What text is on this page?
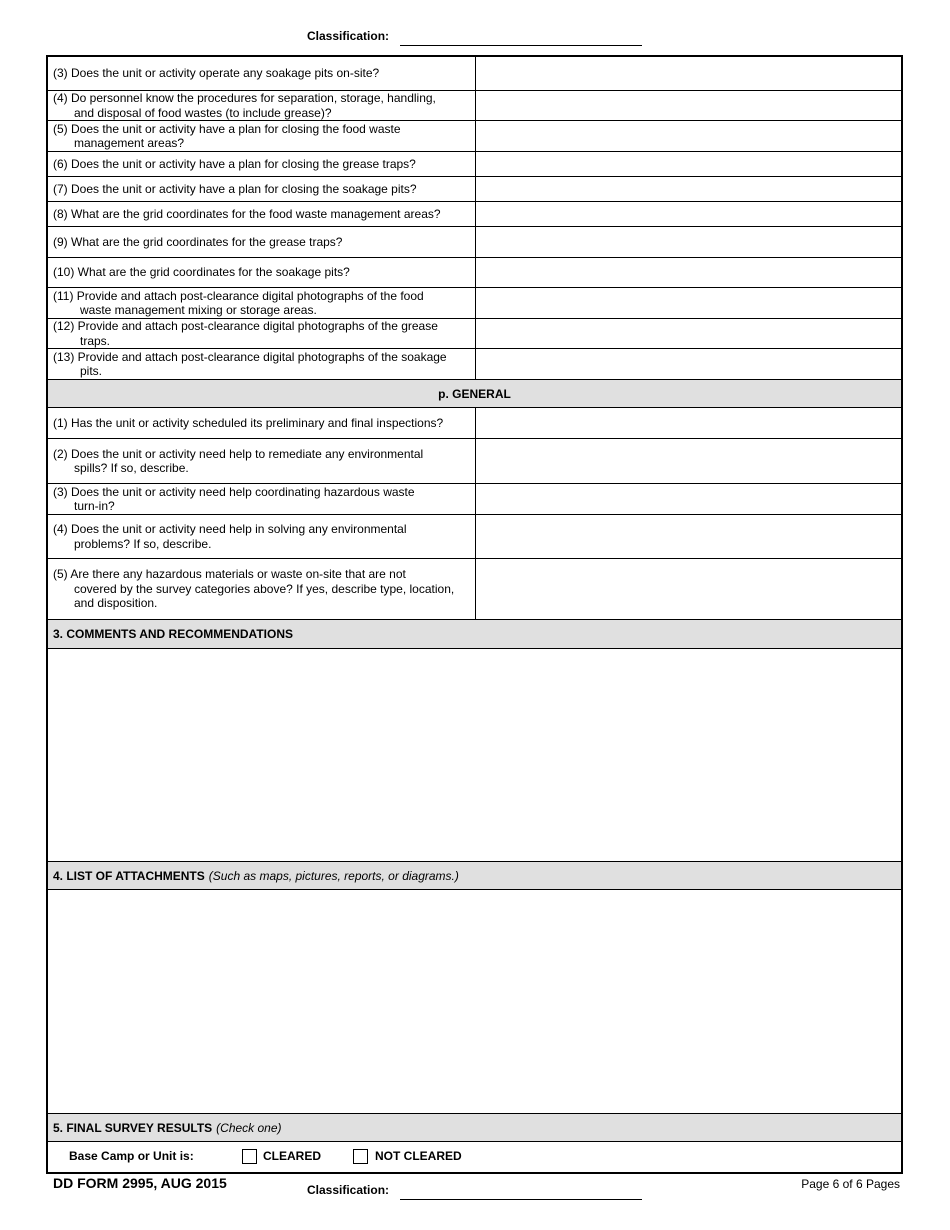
Classification:
(3) Does the unit or activity operate any soakage pits on-site?
(4) Do personnel know the procedures for separation, storage, handling,
and disposal of food wastes (to include grease)?
(5) Does the unit or activity have a plan for closing the food waste
management areas?
(6) Does the unit or activity have a plan for closing the grease traps?
(7) Does the unit or activity have a plan for closing the soakage pits?
(8) What are the grid coordinates for the food waste management areas?
(9) What are the grid coordinates for the grease traps?
(10) What are the grid coordinates for the soakage pits?
(11) Provide and attach post-clearance digital photographs of the food
waste management mixing or storage areas.
(12) Provide and attach post-clearance digital photographs of the grease
traps.
(13) Provide and attach post-clearance digital photographs of the soakage
pits.
p. GENERAL
(1) Has the unit or activity scheduled its preliminary and final inspections?
(2) Does the unit or activity need help to remediate any environmental
spills? If so, describe.
(3) Does the unit or activity need help coordinating hazardous waste
turn-in?
(4) Does the unit or activity need help in solving any environmental
problems? If so, describe.
(5) Are there any hazardous materials or waste on-site that are not
covered by the survey categories above? If yes, describe type, location,
and disposition.
3. COMMENTS AND RECOMMENDATIONS
4. LIST OF ATTACHMENTS (Such as maps, pictures, reports, or diagrams.)
5. FINAL SURVEY RESULTS (Check one)
Base Camp or Unit is:	CLEARED	NOT CLEARED
DD FORM 2995, AUG 2015	Classification:	Page 6 of 6 Pages
